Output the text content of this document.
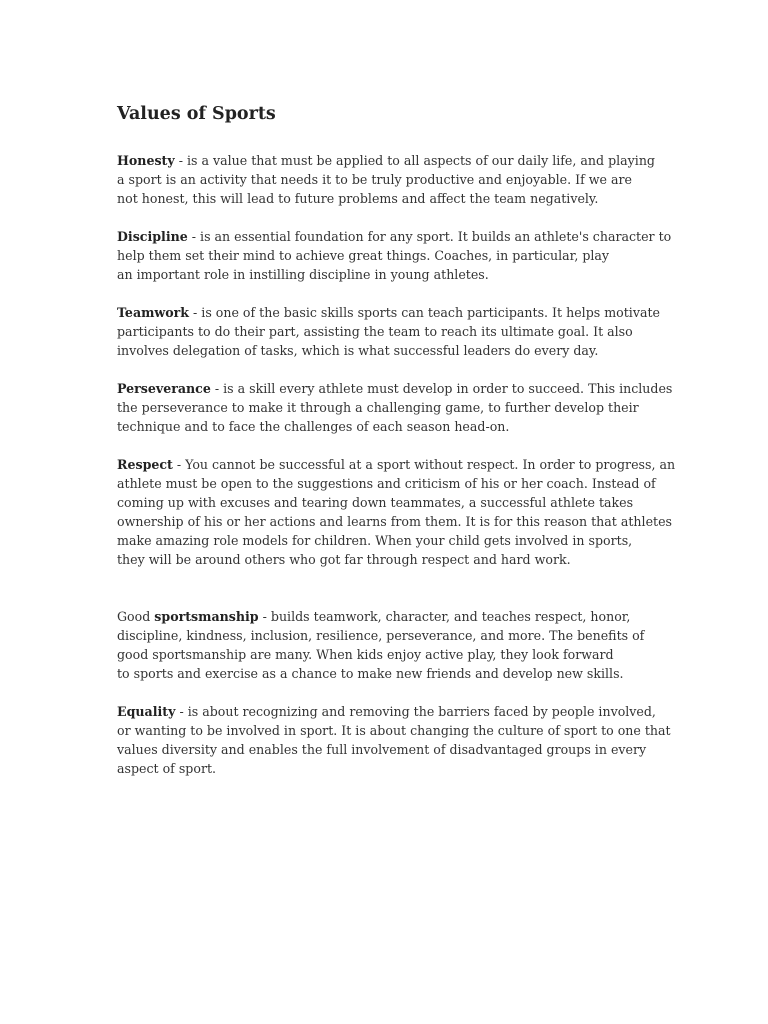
Values of Sports

Honesty - is a value that must be applied to all aspects of our daily life, and playing
a sport is an activity that needs it to be truly productive and enjoyable. If we are
not honest, this will lead to future problems and affect the team negatively.

Discipline - is an essential foundation for any sport. It builds an athlete's character to
help them set their mind to achieve great things. Coaches, in particular, play
an important role in instilling discipline in young athletes.

Teamwork - is one of the basic skills sports can teach participants. It helps motivate
participants to do their part, assisting the team to reach its ultimate goal. It also
involves delegation of tasks, which is what successful leaders do every day.

Perseverance - is a skill every athlete must develop in order to succeed. This includes
the perseverance to make it through a challenging game, to further develop their
technique and to face the challenges of each season head-on.

Respect - You cannot be successful at a sport without respect. In order to progress, an
athlete must be open to the suggestions and criticism of his or her coach. Instead of
coming up with excuses and tearing down teammates, a successful athlete takes
ownership of his or her actions and learns from them. It is for this reason that athletes
make amazing role models for children. When your child gets involved in sports,
they will be around others who got far through respect and hard work.

Good sportsmanship - builds teamwork, character, and teaches respect, honor,
discipline, kindness, inclusion, resilience, perseverance, and more. The benefits of
good sportsmanship are many. When kids enjoy active play, they look forward
to sports and exercise as a chance to make new friends and develop new skills.

Equality - is about recognizing and removing the barriers faced by people involved,
or wanting to be involved in sport. It is about changing the culture of sport to one that
values diversity and enables the full involvement of disadvantaged groups in every
aspect of sport.
